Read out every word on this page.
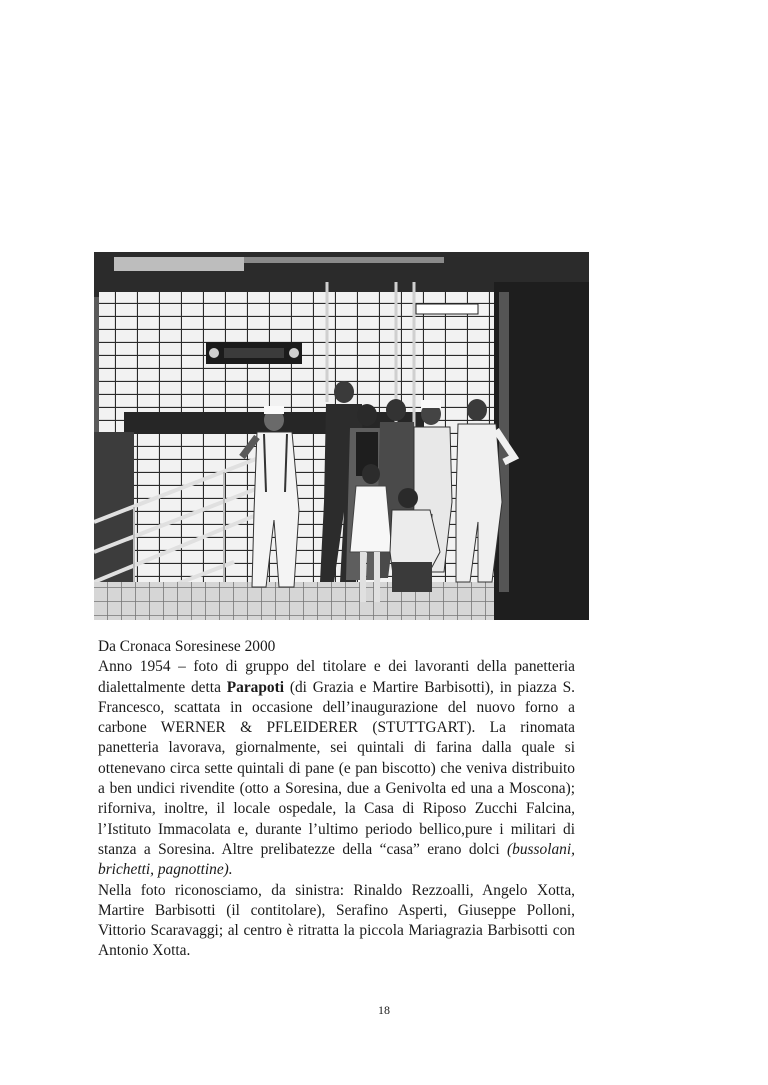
Da Cronaca Soresinese 2000

Anno 1954 – foto di gruppo del titolare e dei lavoranti della panetteria dialettalmente detta Parapoti (di Grazia e Martire Barbisotti), in piazza S. Francesco, scattata in occasione dell’inaugurazione del nuovo forno a carbone WERNER & PFLEIDERER (STUTTGART). La rinomata panetteria lavorava, giornalmente, sei quintali di farina dalla quale si ottenevano circa sette quintali di pane (e pan biscotto) che veniva distribuito a ben undici rivendite (otto a Soresina, due a Genivolta ed una a Moscona); riforniva, inoltre, il locale ospedale, la Casa di Riposo Zucchi Falcina, l’Istituto Immacolata e, durante l’ultimo periodo bellico,pure i militari di stanza a Soresina. Altre prelibatezze della “casa” erano dolci (bussolani, brichetti, pagnottine).

Nella foto riconosciamo, da sinistra: Rinaldo Rezzoalli, Angelo Xotta, Martire Barbisotti (il contitolare), Serafino Asperti, Giuseppe Polloni, Vittorio Scaravaggi; al centro è ritratta la piccola Mariagrazia Barbisotti con Antonio Xotta.

18
